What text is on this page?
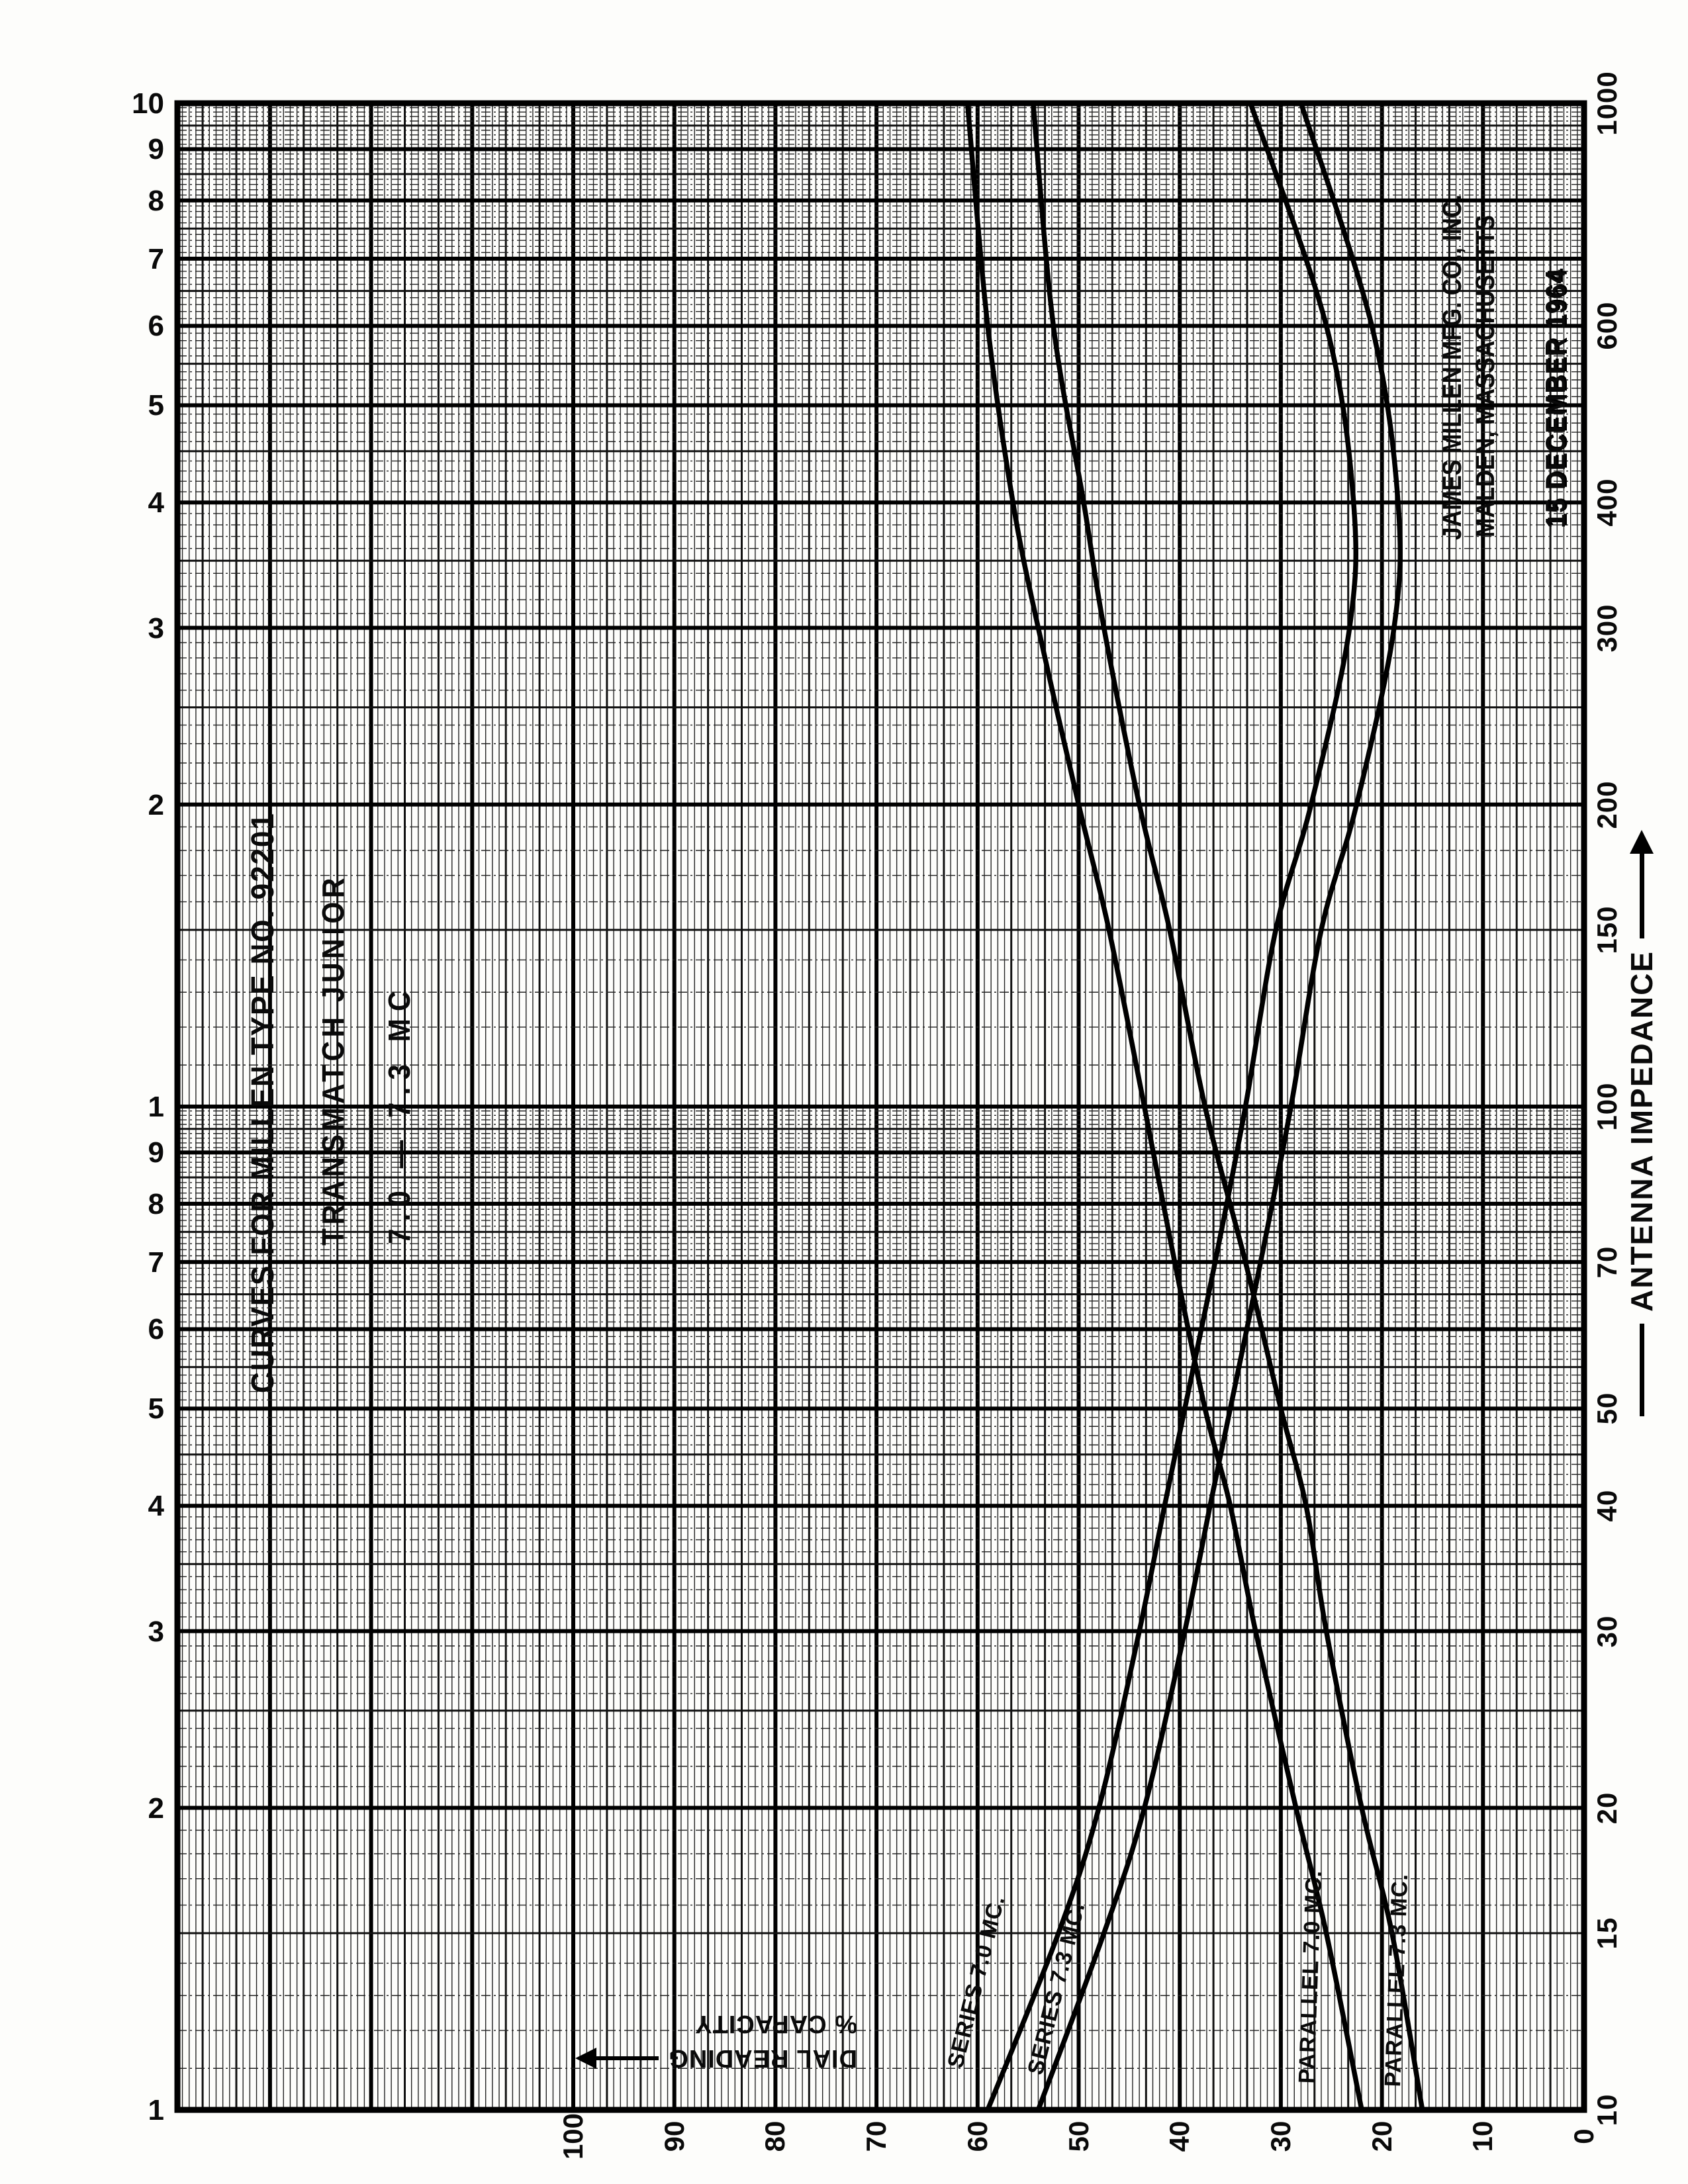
CURVES FOR MILLEN TYPE NO. 92201 TRANSMATCH JUNIOR 7.0 — 7.3 MC
JAMES MILLEN MFG. CO., INC. MALDEN, MASSACHUSETTS 15 DECEMBER 1964
ANTENNA IMPEDANCE
DIAL READING
% CAPACITY
1000
600
400
300
200
150
100
70
50
40
30
20
15
10
100	90	80	70	60	50	40	30	20	10	0
10
9
8
7
6
5
4
3
2
1
9
8
7
6
5
4
3
2
1
SERIES 7.0 MC. SERIES 7.3 MC.	PARALLEL 7.0 MC. PARALLEL 7.3 MC.
